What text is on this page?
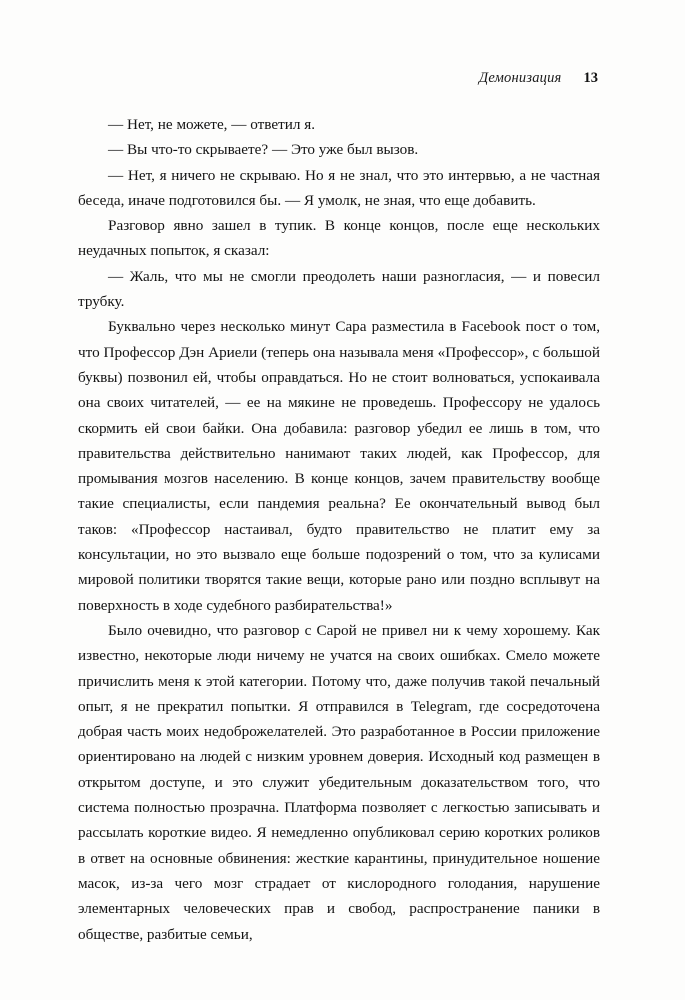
Демонизация 13

— Нет, не можете, — ответил я.

— Вы что-то скрываете? — Это уже был вызов.

— Нет, я ничего не скрываю. Но я не знал, что это интервью, а не частная беседа, иначе подготовился бы. — Я умолк, не зная, что еще добавить.

Разговор явно зашел в тупик. В конце концов, после еще нескольких неудачных попыток, я сказал:

— Жаль, что мы не смогли преодолеть наши разногласия, — и повесил трубку.

Буквально через несколько минут Сара разместила в Facebook пост о том, что Профессор Дэн Ариели (теперь она называла меня «Профессор», с большой буквы) позвонил ей, чтобы оправдаться. Но не стоит волноваться, успокаивала она своих читателей, — ее на мякине не проведешь. Профессору не удалось скормить ей свои байки. Она добавила: разговор убедил ее лишь в том, что правительства действительно нанимают таких людей, как Профессор, для промывания мозгов населению. В конце концов, зачем правительству вообще такие специалисты, если пандемия реальна? Ее окончательный вывод был таков: «Профессор настаивал, будто правительство не платит ему за консультации, но это вызвало еще больше подозрений о том, что за кулисами мировой политики творятся такие вещи, которые рано или поздно всплывут на поверхность в ходе судебного разбирательства!»

Было очевидно, что разговор с Сарой не привел ни к чему хорошему. Как известно, некоторые люди ничему не учатся на своих ошибках. Смело можете причислить меня к этой категории. Потому что, даже получив такой печальный опыт, я не прекратил попытки. Я отправился в Telegram, где сосредоточена добрая часть моих недоброжелателей. Это разработанное в России приложение ориентировано на людей с низким уровнем доверия. Исходный код размещен в открытом доступе, и это служит убедительным доказательством того, что система полностью прозрачна. Платформа позволяет с легкостью записывать и рассылать короткие видео. Я немедленно опубликовал серию коротких роликов в ответ на основные обвинения: жесткие карантины, принудительное ношение масок, из-за чего мозг страдает от кислородного голодания, нарушение элементарных человеческих прав и свобод, распространение паники в обществе, разбитые семьи,
